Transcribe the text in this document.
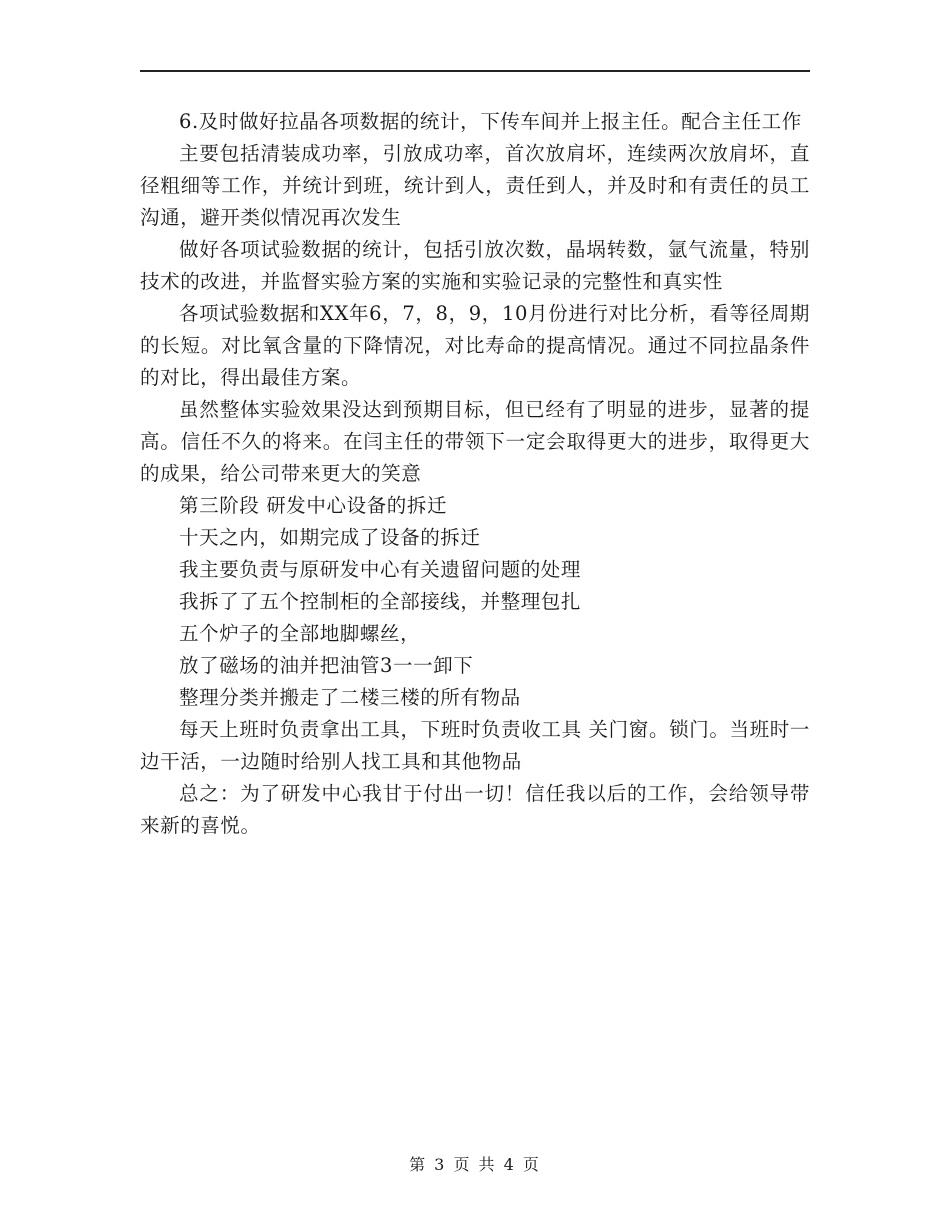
6.及时做好拉晶各项数据的统计，下传车间并上报主任。配合主任工作

主要包括清装成功率，引放成功率，首次放肩坏，连续两次放肩坏，直径粗细等工作，并统计到班，统计到人，责任到人，并及时和有责任的员工沟通，避开类似情况再次发生

做好各项试验数据的统计，包括引放次数，晶埚转数，氩气流量，特别技术的改进，并监督实验方案的实施和实验记录的完整性和真实性

各项试验数据和XX年6，7，8，9，10月份进行对比分析，看等径周期的长短。对比氧含量的下降情况，对比寿命的提高情况。通过不同拉晶条件的对比，得出最佳方案。

虽然整体实验效果没达到预期目标，但已经有了明显的进步，显著的提高。信任不久的将来。在闫主任的带领下一定会取得更大的进步，取得更大的成果，给公司带来更大的笑意

第三阶段 研发中心设备的拆迁

十天之内，如期完成了设备的拆迁

我主要负责与原研发中心有关遗留问题的处理

我拆了了五个控制柜的全部接线，并整理包扎

五个炉子的全部地脚螺丝，

放了磁场的油并把油管3一一卸下

整理分类并搬走了二楼三楼的所有物品

每天上班时负责拿出工具，下班时负责收工具 关门窗。锁门。当班时一边干活，一边随时给别人找工具和其他物品

总之：为了研发中心我甘于付出一切！信任我以后的工作，会给领导带来新的喜悦。

第 3 页 共 4 页
